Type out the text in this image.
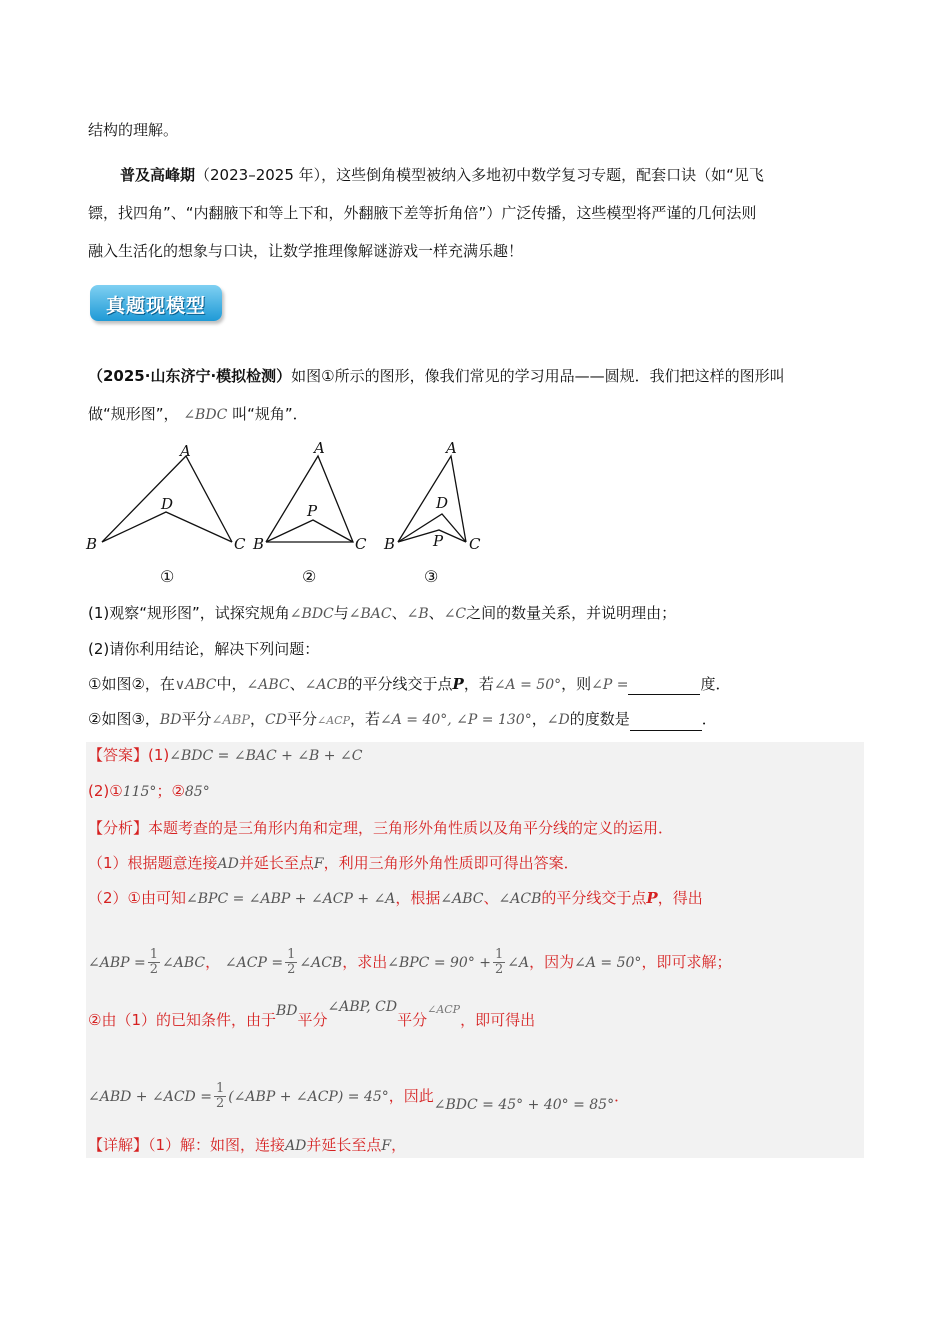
结构的理解。
普及高峰期（2023–2025 年），这些倒角模型被纳入多地初中数学复习专题，配套口诀（如“见飞
镖，找四角”、“内翻腋下和等上下和，外翻腋下差等折角倍”）广泛传播，这些模型将严谨的几何法则
融入生活化的想象与口诀，让数学推理像解谜游戏一样充满乐趣！
真题现模型
（2025·山东济宁·模拟检测）如图①所示的图形，像我们常见的学习用品——圆规．我们把这样的图形叫
做“规形图”， ∠BDC 叫“规角”．
A
D
B	C
①
A
P
B	C
②
A
D
P
B	C
③
(1)观察“规形图”，试探究规角∠BDC与∠BAC、∠B、∠C之间的数量关系，并说明理由；
(2)请你利用结论，解决下列问题：
①如图②，在∨ABC中，∠ABC、∠ACB的平分线交于点P，若∠A = 50°，则∠P =	度．
②如图③，BD平分∠ABP，CD平分∠ACP，若∠A = 40°, ∠P = 130°，∠D的度数是	．
【答案】(1)∠BDC = ∠BAC + ∠B + ∠C
(2)①115°；②85°
【分析】本题考查的是三角形内角和定理，三角形外角性质以及角平分线的定义的运用．
（1）根据题意连接AD并延长至点F，利用三角形外角性质即可得出答案．
（2）①由可知∠BPC = ∠ABP + ∠ACP + ∠A，根据∠ABC、∠ACB的平分线交于点P，得出
∠ABP = $\frac{1}{2}$ ∠ABC， ∠ACP = $\frac{1}{2}$ ∠ACB，求出∠BPC = $90^\circ + \frac{1}{2}$ ∠A，因为∠A = 50°，即可求解；
②由（1）的已知条件，由于BD平分∠ABP, CD平分$^{\angle ACP}$，即可得出
∠ABD + ∠ACD = $\frac{1}{2}$ (∠ABP + ∠ACP) = 45°，因此∠BDC = 45° + 40° = 85°．
【详解】（1）解：如图，连接AD并延长至点F，
